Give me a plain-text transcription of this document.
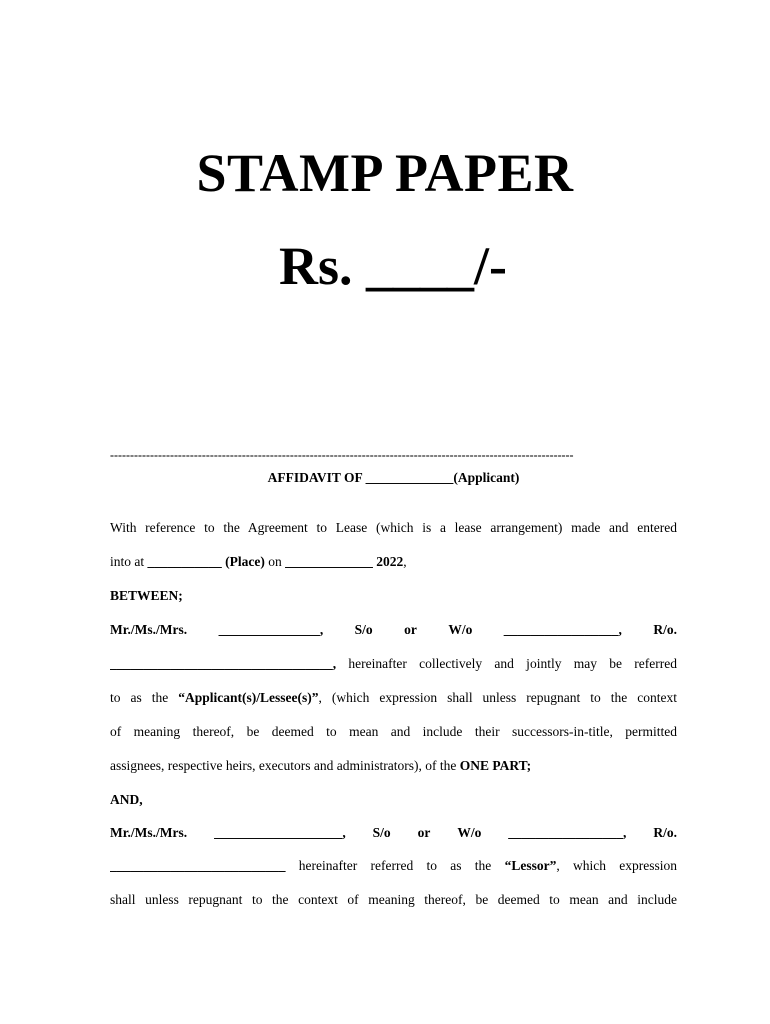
STAMP PAPER
Rs. ____/-
--------------------------------------------------------------------------------------------------------------------
AFFIDAVIT OF _____________(Applicant)
With reference to the Agreement to Lease (which is a lease arrangement) made and entered
into at ___________ (Place) on _____________ 2022,
BETWEEN;
Mr./Ms./Mrs. _______________, S/o or W/o _________________, R/o.
_________________________________, hereinafter collectively and jointly may be referred
to as the “Applicant(s)/Lessee(s)”, (which expression shall unless repugnant to the context
of meaning thereof, be deemed to mean and include their successors-in-title, permitted
assignees, respective heirs, executors and administrators), of the ONE PART;
AND,
Mr./Ms./Mrs. ___________________, S/o or W/o _________________, R/o.
__________________________ hereinafter referred to as the “Lessor”, which expression
shall unless repugnant to the context of meaning thereof, be deemed to mean and include
